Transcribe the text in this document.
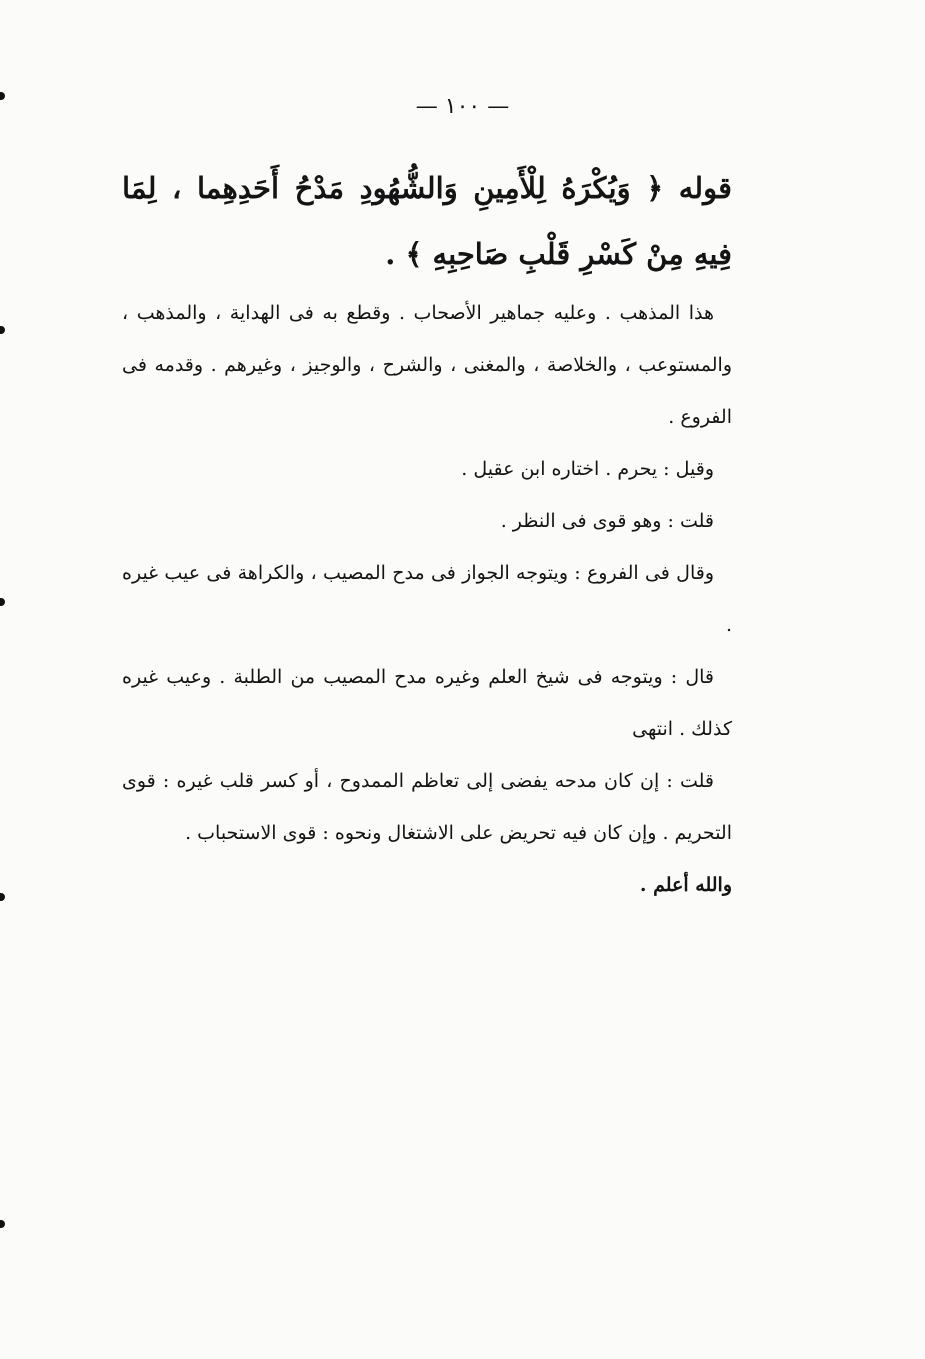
— ١٠٠ —

قوله ﴿ وَيُكْرَهُ لِلْأَمِينِ وَالشُّهُودِ مَدْحُ أَحَدِهِما ، لِمَا فِيهِ مِنْ كَسْرِ قَلْبِ صَاحِبِهِ ﴾ .

هذا المذهب . وعليه جماهير الأصحاب . وقطع به فى الهداية ، والمذهب ، والمستوعب ، والخلاصة ، والمغنى ، والشرح ، والوجيز ، وغيرهم . وقدمه فى الفروع .

وقيل : يحرم . اختاره ابن عقيل .

قلت : وهو قوى فى النظر .

وقال فى الفروع : ويتوجه الجواز فى مدح المصيب ، والكراهة فى عيب غيره .

قال : ويتوجه فى شيخ العلم وغيره مدح المصيب من الطلبة . وعيب غيره كذلك . انتهى

قلت : إن كان مدحه يفضى إلى تعاظم الممدوح ، أو كسر قلب غيره : قوى التحريم . وإن كان فيه تحريض على الاشتغال ونحوه : قوى الاستحباب .

والله أعلم .
